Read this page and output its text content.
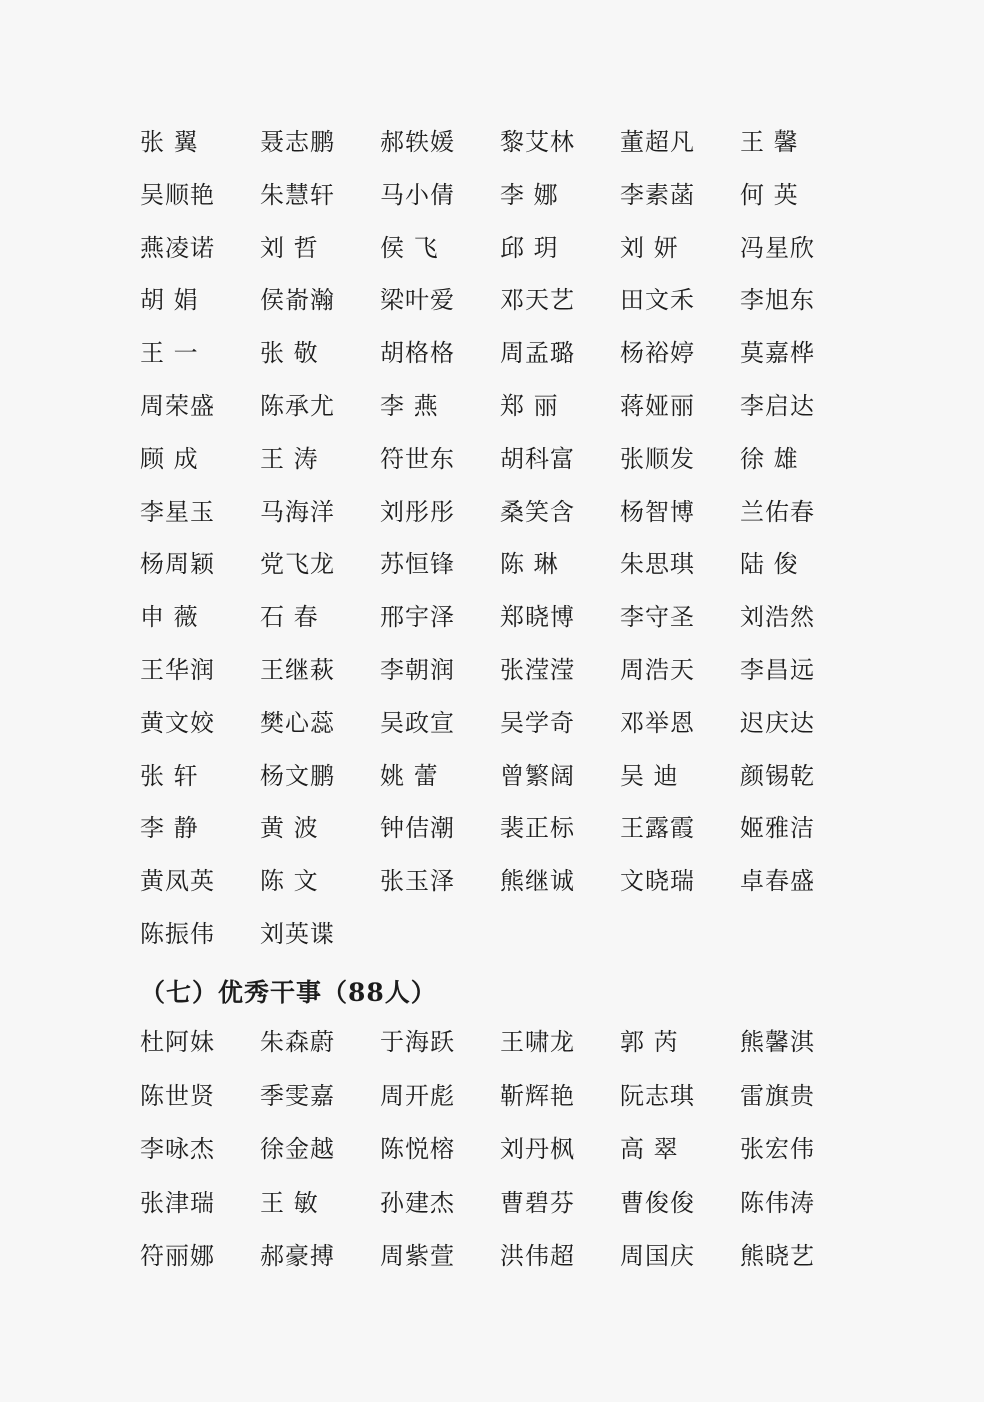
张 翼	聂志鹏	郝轶媛	黎艾林	董超凡	王 馨
吴顺艳	朱慧轩	马小倩	李 娜	李素菡	何 英
燕凌诺	刘 哲	侯 飞	邱 玥	刘 妍	冯星欣
胡 娟	侯嵛瀚	梁叶爱	邓天艺	田文禾	李旭东
王 一	张 敬	胡格格	周孟璐	杨裕婷	莫嘉桦
周荣盛	陈承尤	李 燕	郑 丽	蒋娅丽	李启达
顾 成	王 涛	符世东	胡科富	张顺发	徐 雄
李星玉	马海洋	刘彤彤	桑笑含	杨智博	兰佑春
杨周颖	党飞龙	苏恒锋	陈 琳	朱思琪	陆 俊
申 薇	石 春	邢宇泽	郑晓博	李守圣	刘浩然
王华润	王继萩	李朝润	张滢滢	周浩天	李昌远
黄文姣	樊心蕊	吴政宣	吴学奇	邓举恩	迟庆达
张 轩	杨文鹏	姚 蕾	曾繁阔	吴 迪	颜锡乾
李 静	黄 波	钟佶潮	裴正标	王露霞	姬雅洁
黄凤英	陈 文	张玉泽	熊继诚	文晓瑞	卓春盛
陈振伟	刘英谍
（七）优秀干事（88人）
杜阿妹	朱森蔚	于海跃	王啸龙	郭 芮	熊馨淇
陈世贤	季雯嘉	周开彪	靳辉艳	阮志琪	雷旗贵
李咏杰	徐金越	陈悦榕	刘丹枫	高 翠	张宏伟
张津瑞	王 敏	孙建杰	曹碧芬	曹俊俊	陈伟涛
符丽娜	郝豪搏	周紫萱	洪伟超	周国庆	熊晓艺
